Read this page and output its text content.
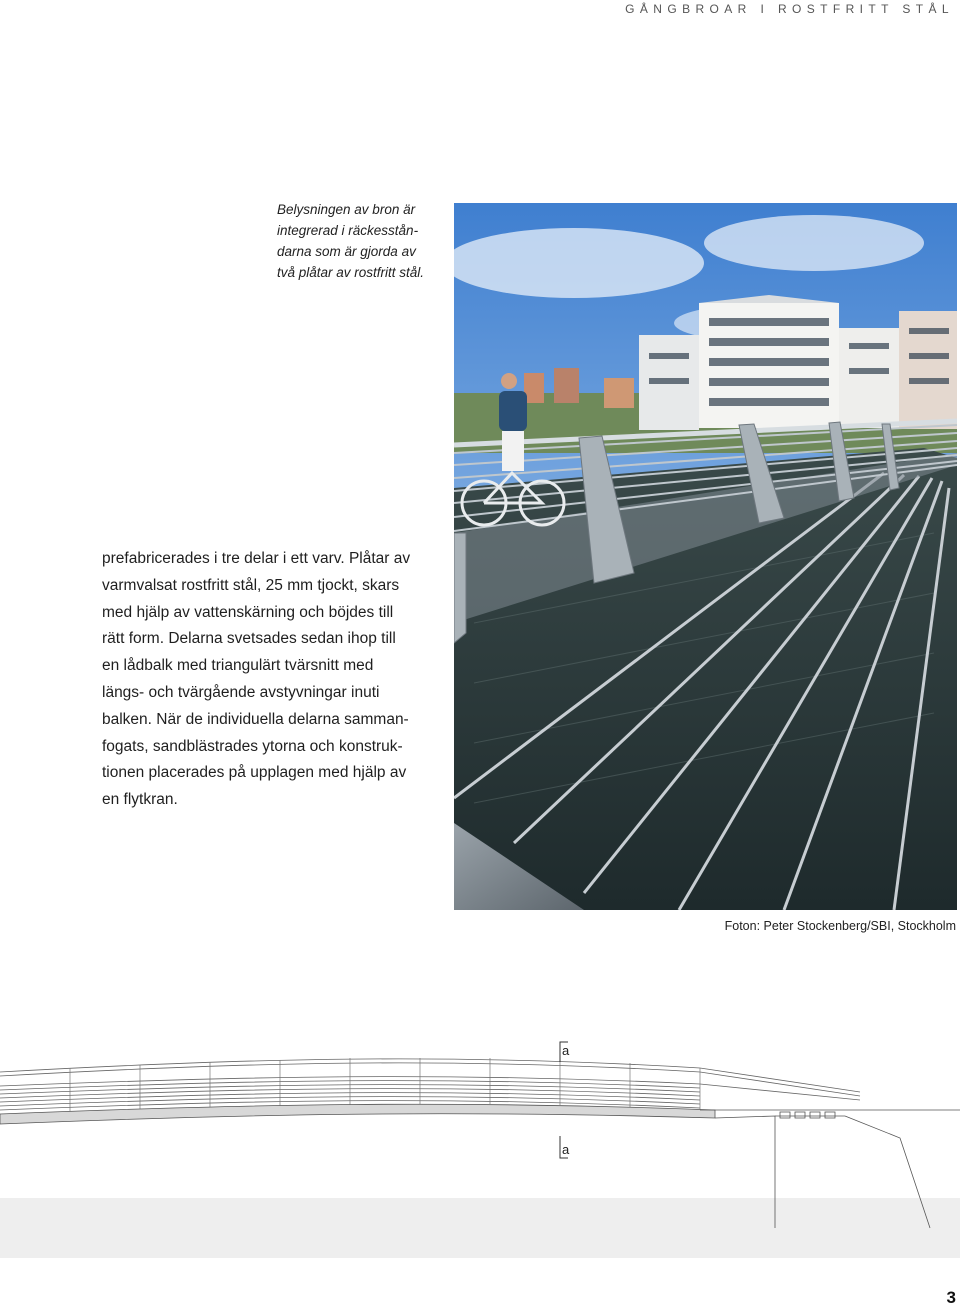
GÅNGBROAR I ROSTFRITT STÅL
Belysningen av bron är
integrerad i räckesstån-
darna som är gjorda av
två plåtar av rostfritt stål.

prefabricerades i tre delar i ett varv. Plåtar av

varmvalsat rostfritt stål, 25 mm tjockt, skars

med hjälp av vattenskärning och böjdes till

rätt form. Delarna svetsades sedan ihop till

en lådbalk med triangulärt tvärsnitt med

längs- och tvärgående avstyvningar inuti

balken. När de individuella delarna samman-

fogats, sandblästrades ytorna och konstruk-

tionen placerades på upplagen med hjälp av

en flytkran.

Foton: Peter Stockenberg/SBI, Stockholm
a
a
3
